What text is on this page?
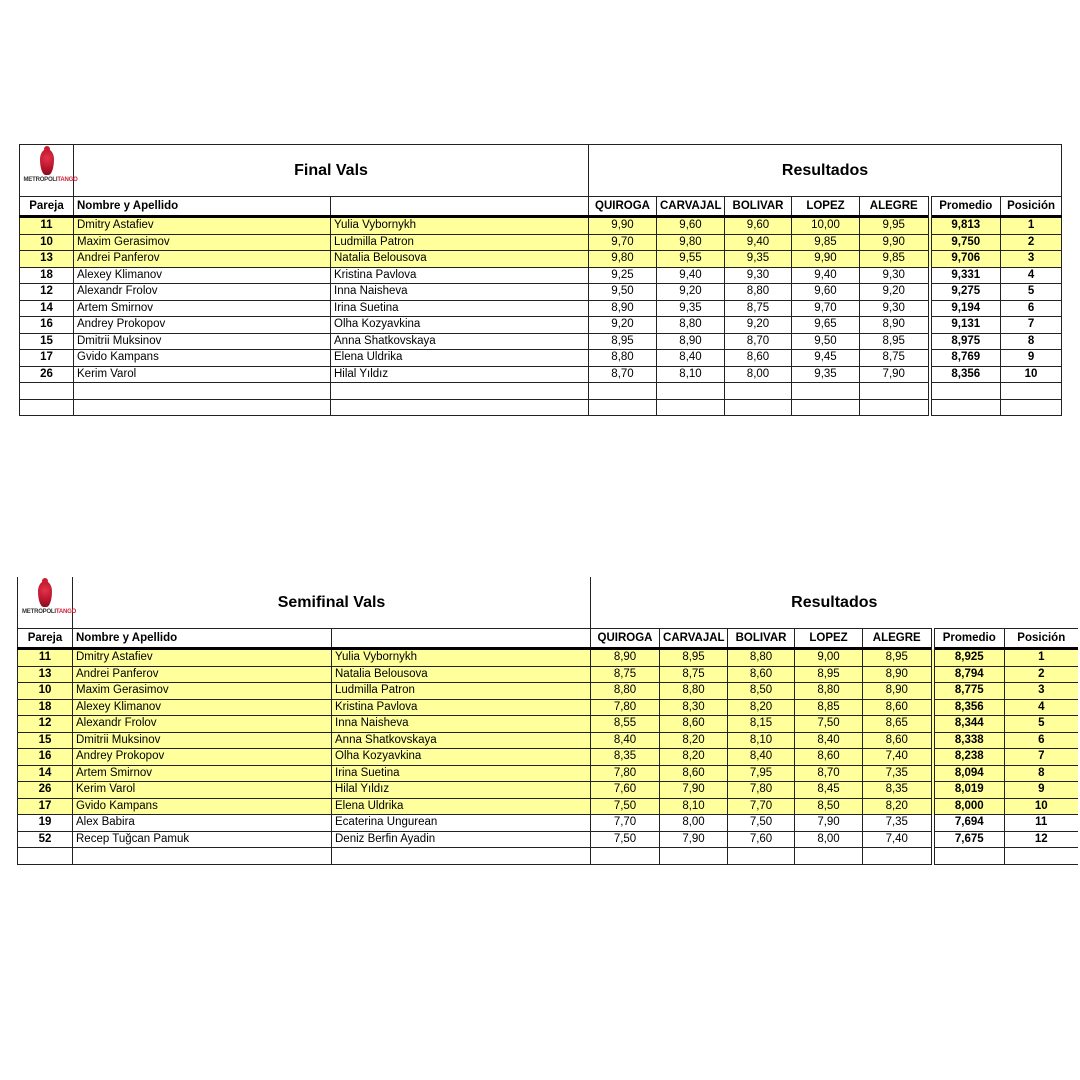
METROPOLITANGO	Final Vals		Resultados						
Pareja	Nombre y Apellido		QUIROGA	CARVAJAL	BOLIVAR	LOPEZ	ALEGRE	Promedio	Posición
11	Dmitry Astafiev	Yulia Vybornykh	9,90	9,60	9,60	10,00	9,95	9,813	1
10	Maxim Gerasimov	Ludmilla Patron	9,70	9,80	9,40	9,85	9,90	9,750	2
13	Andrei Panferov	Natalia Belousova	9,80	9,55	9,35	9,90	9,85	9,706	3
18	Alexey Klimanov	Kristina Pavlova	9,25	9,40	9,30	9,40	9,30	9,331	4
12	Alexandr Frolov	Inna Naisheva	9,50	9,20	8,80	9,60	9,20	9,275	5
14	Artem Smirnov	Irina Suetina	8,90	9,35	8,75	9,70	9,30	9,194	6
16	Andrey Prokopov	Olha Kozyavkina	9,20	8,80	9,20	9,65	8,90	9,131	7
15	Dmitrii Muksinov	Anna Shatkovskaya	8,95	8,90	8,70	9,50	8,95	8,975	8
17	Gvido Kampans	Elena Uldrika	8,80	8,40	8,60	9,45	8,75	8,769	9
26	Kerim Varol	Hilal Yıldız	8,70	8,10	8,00	9,35	7,90	8,356	10

METROPOLITANGO	Semifinal Vals		Resultados						
Pareja	Nombre y Apellido		QUIROGA	CARVAJAL	BOLIVAR	LOPEZ	ALEGRE	Promedio	Posición
11	Dmitry Astafiev	Yulia Vybornykh	8,90	8,95	8,80	9,00	8,95	8,925	1
13	Andrei Panferov	Natalia Belousova	8,75	8,75	8,60	8,95	8,90	8,794	2
10	Maxim Gerasimov	Ludmilla Patron	8,80	8,80	8,50	8,80	8,90	8,775	3
18	Alexey Klimanov	Kristina Pavlova	7,80	8,30	8,20	8,85	8,60	8,356	4
12	Alexandr Frolov	Inna Naisheva	8,55	8,60	8,15	7,50	8,65	8,344	5
15	Dmitrii Muksinov	Anna Shatkovskaya	8,40	8,20	8,10	8,40	8,60	8,338	6
16	Andrey Prokopov	Olha Kozyavkina	8,35	8,20	8,40	8,60	7,40	8,238	7
14	Artem Smirnov	Irina Suetina	7,80	8,60	7,95	8,70	7,35	8,094	8
26	Kerim Varol	Hilal Yıldız	7,60	7,90	7,80	8,45	8,35	8,019	9
17	Gvido Kampans	Elena Uldrika	7,50	8,10	7,70	8,50	8,20	8,000	10
19	Alex Babira	Ecaterina Ungurean	7,70	8,00	7,50	7,90	7,35	7,694	11
52	Recep Tuğcan Pamuk	Deniz Berfin Ayadin	7,50	7,90	7,60	8,00	7,40	7,675	12
